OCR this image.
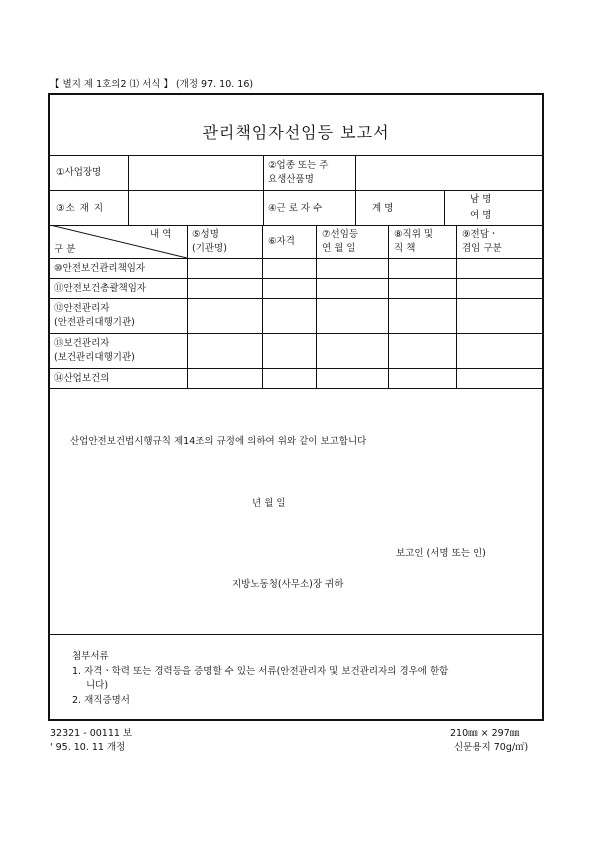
【 별지 제 1호의2 ⑴ 서식 】 (개정 97. 10. 16)
관리책임자선임등 보고서
①사업장명
②업종 또는 주
요생산품명
③소 재 지	④근 로 자 수	계 명
남 명
여 명
내 역
구 분
⑤성명
(기관명)
⑥자격
⑦선임등
연 월 일
⑧직위 및
직 책
⑨전담ㆍ
겸임 구분
⑩안전보건관리책임자
⑪안전보건총괄책임자
⑫안전관리자
(안전관리대행기관)
⑬보건관리자
(보건관리대행기관)
⑭산업보건의
산업안전보건법시행규칙 제14조의 규정에 의하여 위와 같이 보고합니다
년 월 일
보고인 (서명 또는 인)
지방노동청(사무소)장 귀하
첨부서류
1. 자격ㆍ학력 또는 경력등을 증명할 수 있는 서류(안전관리자 및 보건관리자의 경우에 한함
니다)
2. 재직증명서
32321 - 00111 보
' 95. 10. 11 개정
210㎜ × 297㎜
신문용지 70g/㎡)
